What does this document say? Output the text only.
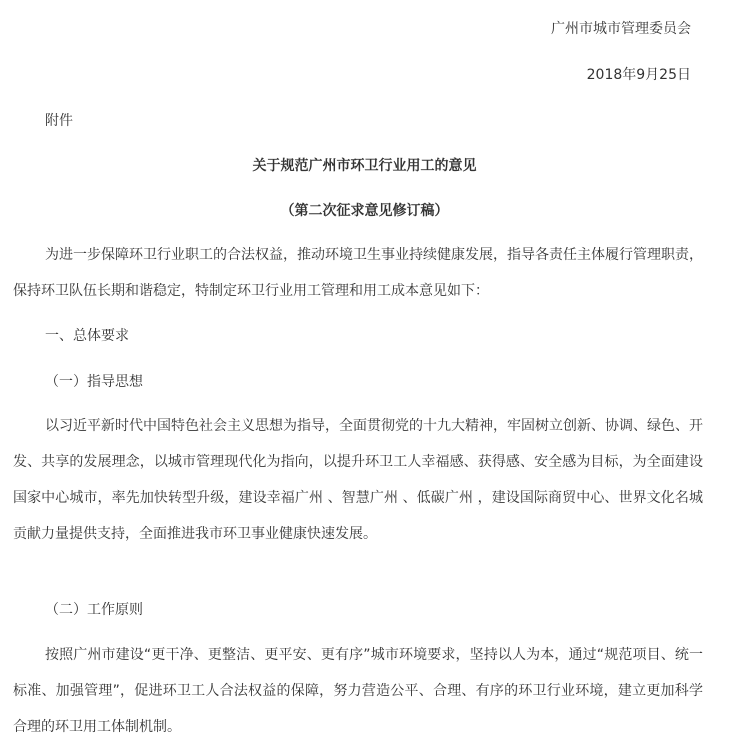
广州市城市管理委员会
2018年9月25日
附件
关于规范广州市环卫行业用工的意见
（第二次征求意见修订稿）
为进一步保障环卫行业职工的合法权益，推动环境卫生事业持续健康发展，指导各责任主体履行管理职责，保持环卫队伍长期和谐稳定，特制定环卫行业用工管理和用工成本意见如下：
一、总体要求
（一）指导思想
以习近平新时代中国特色社会主义思想为指导，全面贯彻党的十九大精神，牢固树立创新、协调、绿色、开发、共享的发展理念，以城市管理现代化为指向，以提升环卫工人幸福感、获得感、安全感为目标，为全面建设国家中心城市，率先加快转型升级，建设幸福广州 、智慧广州 、低碳广州 ，建设国际商贸中心、世界文化名城贡献力量提供支持，全面推进我市环卫事业健康快速发展。
（二）工作原则
按照广州市建设“更干净、更整洁、更平安、更有序”城市环境要求，坚持以人为本，通过“规范项目、统一标准、加强管理”，促进环卫工人合法权益的保障，努力营造公平、合理、有序的环卫行业环境，建立更加科学合理的环卫用工体制机制。
